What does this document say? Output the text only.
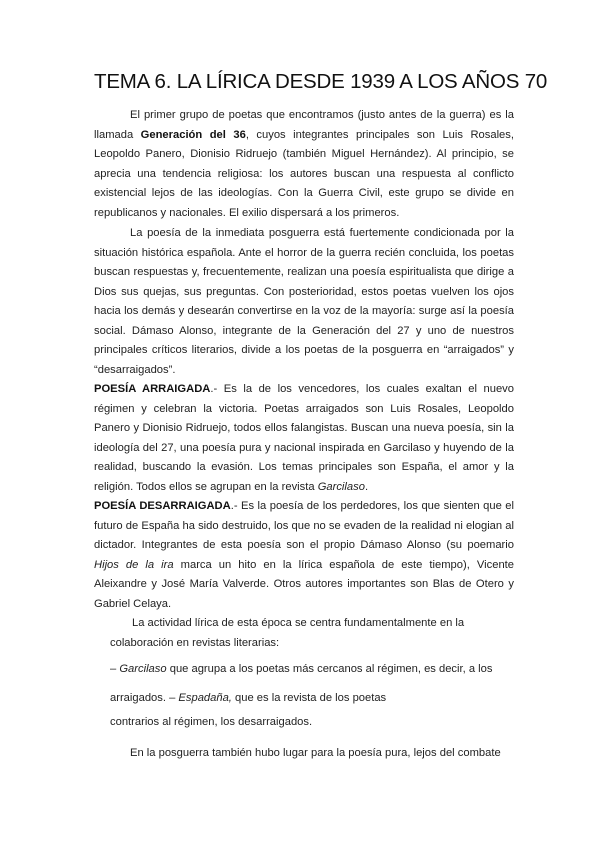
TEMA 6. LA LÍRICA DESDE 1939 A LOS AÑOS 70

El primer grupo de poetas que encontramos (justo antes de la guerra) es la llamada Generación del 36, cuyos integrantes principales son Luis Rosales, Leopoldo Panero, Dionisio Ridruejo (también Miguel Hernández). Al principio, se aprecia una tendencia religiosa: los autores buscan una respuesta al conflicto existencial lejos de las ideologías. Con la Guerra Civil, este grupo se divide en republicanos y nacionales. El exilio dispersará a los primeros.

La poesía de la inmediata posguerra está fuertemente condicionada por la situación histórica española. Ante el horror de la guerra recién concluida, los poetas buscan respuestas y, frecuentemente, realizan una poesía espiritualista que dirige a Dios sus quejas, sus preguntas. Con posterioridad, estos poetas vuelven los ojos hacia los demás y desearán convertirse en la voz de la mayoría: surge así la poesía social. Dámaso Alonso, integrante de la Generación del 27 y uno de nuestros principales críticos literarios, divide a los poetas de la posguerra en “arraigados” y “desarraigados”.

POESÍA ARRAIGADA.- Es la de los vencedores, los cuales exaltan el nuevo régimen y celebran la victoria. Poetas arraigados son Luis Rosales, Leopoldo Panero y Dionisio Ridruejo, todos ellos falangistas. Buscan una nueva poesía, sin la ideología del 27, una poesía pura y nacional inspirada en Garcilaso y huyendo de la realidad, buscando la evasión. Los temas principales son España, el amor y la religión. Todos ellos se agrupan en la revista Garcilaso.

POESÍA DESARRAIGADA.- Es la poesía de los perdedores, los que sienten que el futuro de España ha sido destruido, los que no se evaden de la realidad ni elogian al dictador. Integrantes de esta poesía son el propio Dámaso Alonso (su poemario Hijos de la ira marca un hito en la lírica española de este tiempo), Vicente Aleixandre y José María Valverde. Otros autores importantes son Blas de Otero y Gabriel Celaya.

La actividad lírica de esta época se centra fundamentalmente en la colaboración en revistas literarias:

– Garcilaso que agrupa a los poetas más cercanos al régimen, es decir, a los

arraigados. – Espadaña, que es la revista de los poetas

contrarios al régimen, los desarraigados.

En la posguerra también hubo lugar para la poesía pura, lejos del combate
